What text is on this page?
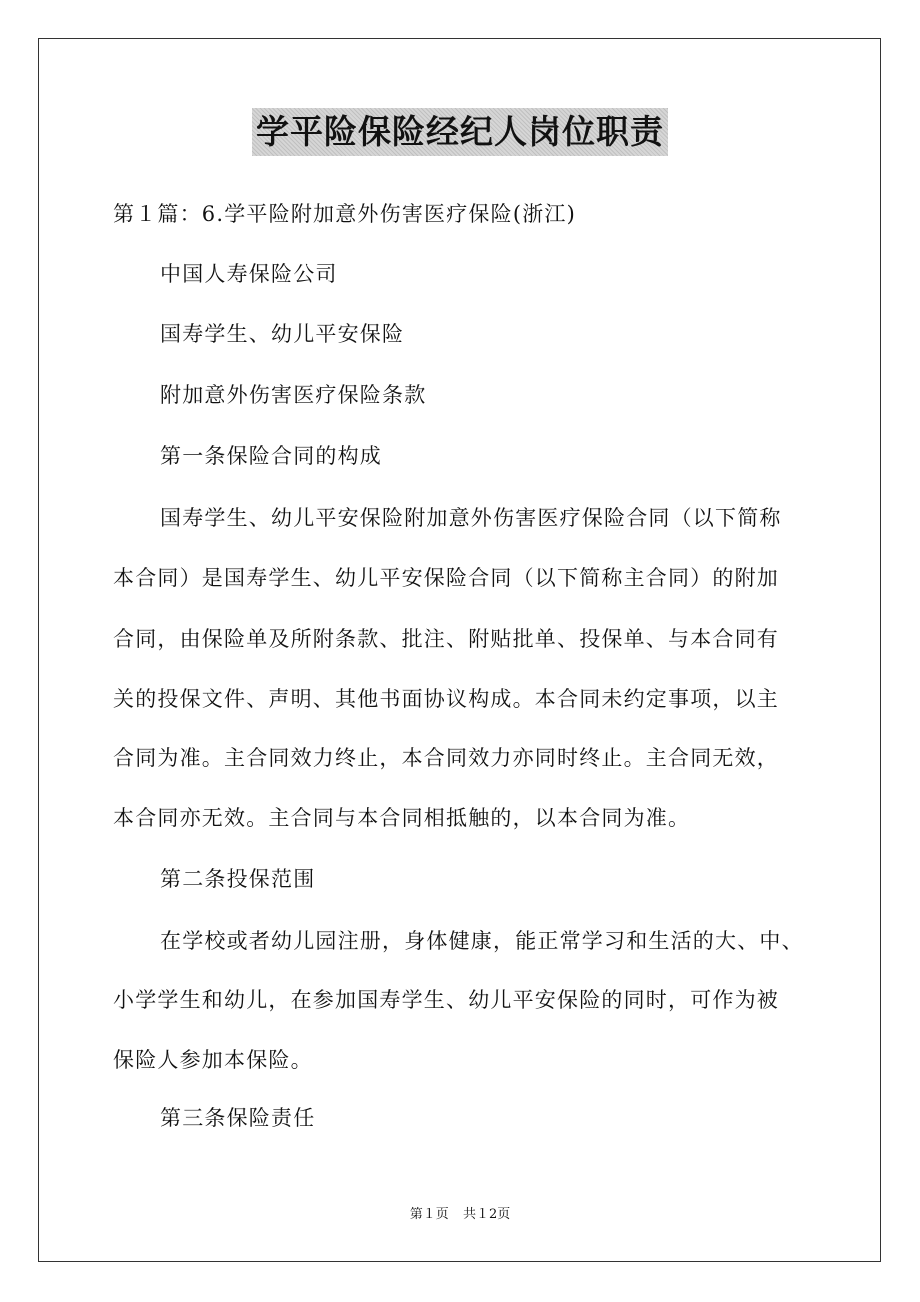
学平险保险经纪人岗位职责
第１篇：6.学平险附加意外伤害医疗保险(浙江)
中国人寿保险公司
国寿学生、幼儿平安保险
附加意外伤害医疗保险条款
第一条保险合同的构成
国寿学生、幼儿平安保险附加意外伤害医疗保险合同（以下简称
本合同）是国寿学生、幼儿平安保险合同（以下简称主合同）的附加
合同，由保险单及所附条款、批注、附贴批单、投保单、与本合同有
关的投保文件、声明、其他书面协议构成。本合同未约定事项，以主
合同为准。主合同效力终止，本合同效力亦同时终止。主合同无效，
本合同亦无效。主合同与本合同相抵触的，以本合同为准。
第二条投保范围
在学校或者幼儿园注册，身体健康，能正常学习和生活的大、中、
小学学生和幼儿，在参加国寿学生、幼儿平安保险的同时，可作为被
保险人参加本保险。
第三条保险责任
第１页 共１2页
